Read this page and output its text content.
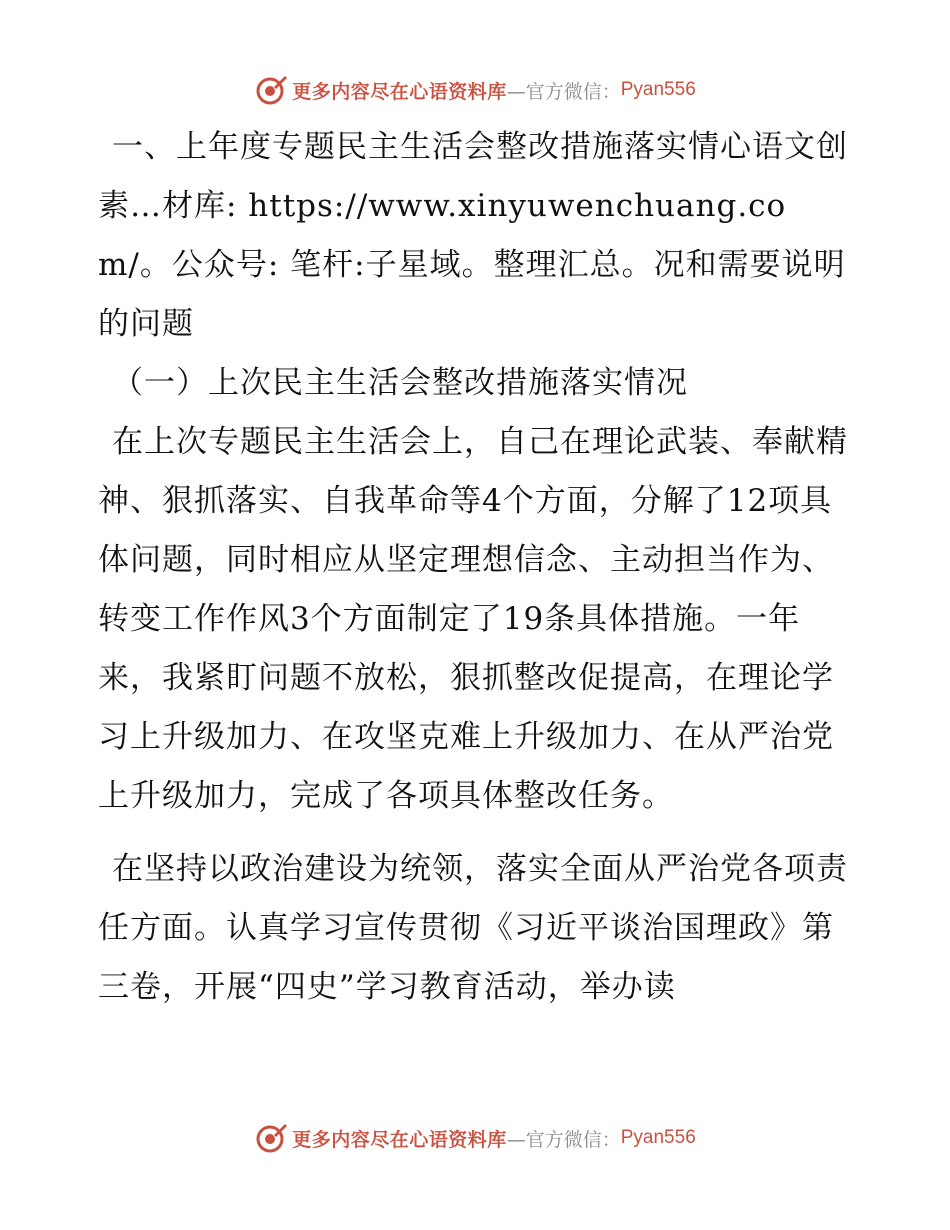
更多内容尽在心语资料库 —官方微信： Pyan556

一、上年度专题民主生活会整改措施落实情心语文创素…材库: https://www.xinyuwenchuang.com/。公众号: 笔杆:子星域。整理汇总。况和需要说明的问题

（一）上次民主生活会整改措施落实情况

在上次专题民主生活会上，自己在理论武装、奉献精神、狠抓落实、自我革命等4个方面，分解了12项具体问题，同时相应从坚定理想信念、主动担当作为、转变工作作风3个方面制定了19条具体措施。一年来，我紧盯问题不放松，狠抓整改促提高，在理论学习上升级加力、在攻坚克难上升级加力、在从严治党上升级加力，完成了各项具体整改任务。

在坚持以政治建设为统领，落实全面从严治党各项责任方面。认真学习宣传贯彻《习近平谈治国理政》第三卷，开展“四史”学习教育活动，举办读

更多内容尽在心语资料库 —官方微信： Pyan556
